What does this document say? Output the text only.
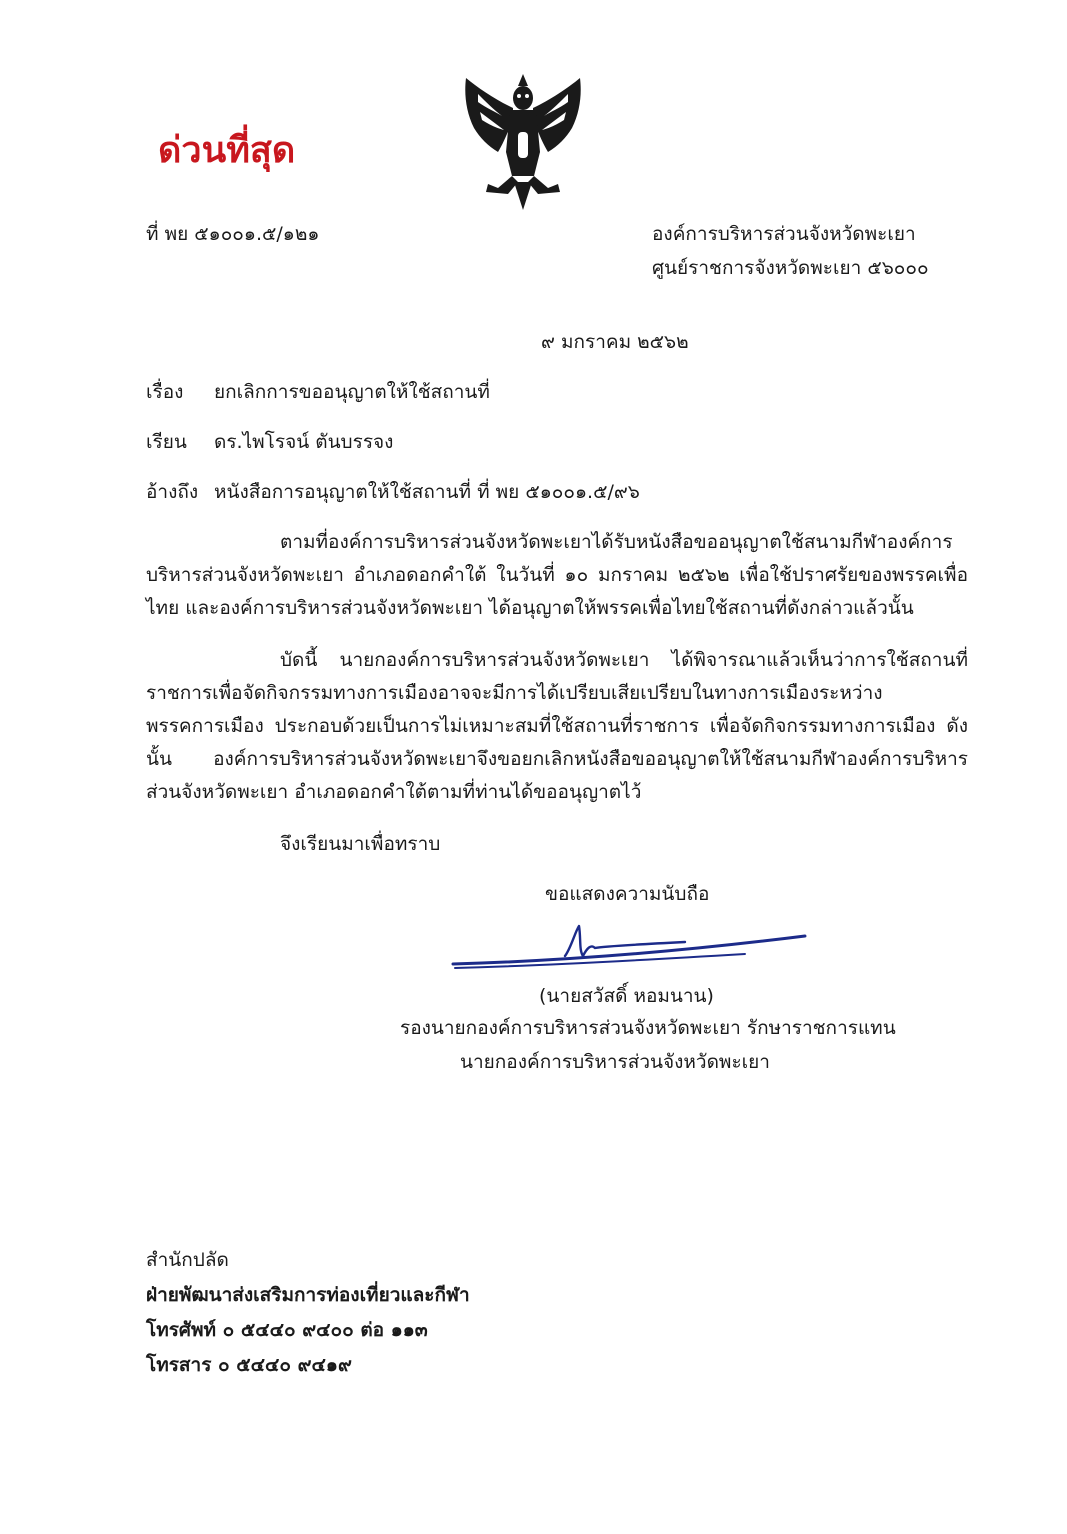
ด่วนที่สุด
ที่ พย ๕๑๐๐๑.๕/๑๒๑	องค์การบริหารส่วนจังหวัดพะเยา
ศูนย์ราชการจังหวัดพะเยา ๕๖๐๐๐
๙ มกราคม ๒๕๖๒
เรื่อง ยกเลิกการขออนุญาตให้ใช้สถานที่
เรียน ดร.ไพโรจน์ ตันบรรจง
อ้างถึง หนังสือการอนุญาตให้ใช้สถานที่ ที่ พย ๕๑๐๐๑.๕/๙๖
ตามที่องค์การบริหารส่วนจังหวัดพะเยาได้รับหนังสือขออนุญาตใช้สนามกีฬาองค์การบริหารส่วนจังหวัดพะเยา อำเภอดอกคำใต้ ในวันที่ ๑๐ มกราคม ๒๕๖๒ เพื่อใช้ปราศรัยของพรรคเพื่อไทย และองค์การบริหารส่วนจังหวัดพะเยา ได้อนุญาตให้พรรคเพื่อไทยใช้สถานที่ดังกล่าวแล้วนั้น
บัดนี้ นายกองค์การบริหารส่วนจังหวัดพะเยา ได้พิจารณาแล้วเห็นว่าการใช้สถานที่ราชการเพื่อจัดกิจกรรมทางการเมืองอาจจะมีการได้เปรียบเสียเปรียบในทางการเมืองระหว่างพรรคการเมือง ประกอบด้วยเป็นการไม่เหมาะสมที่ใช้สถานที่ราชการ เพื่อจัดกิจกรรมทางการเมือง ดังนั้น องค์การบริหารส่วนจังหวัดพะเยาจึงขอยกเลิกหนังสือขออนุญาตให้ใช้สนามกีฬาองค์การบริหารส่วนจังหวัดพะเยา อำเภอดอกคำใต้ตามที่ท่านได้ขออนุญาตไว้
จึงเรียนมาเพื่อทราบ
ขอแสดงความนับถือ
(นายสวัสดิ์ หอมนาน)
รองนายกองค์การบริหารส่วนจังหวัดพะเยา รักษาราชการแทน
นายกองค์การบริหารส่วนจังหวัดพะเยา
สำนักปลัด
ฝ่ายพัฒนาส่งเสริมการท่องเที่ยวและกีฬา
โทรศัพท์ ๐ ๕๔๔๐ ๙๔๐๐ ต่อ ๑๑๓
โทรสาร ๐ ๕๔๔๐ ๙๔๑๙
